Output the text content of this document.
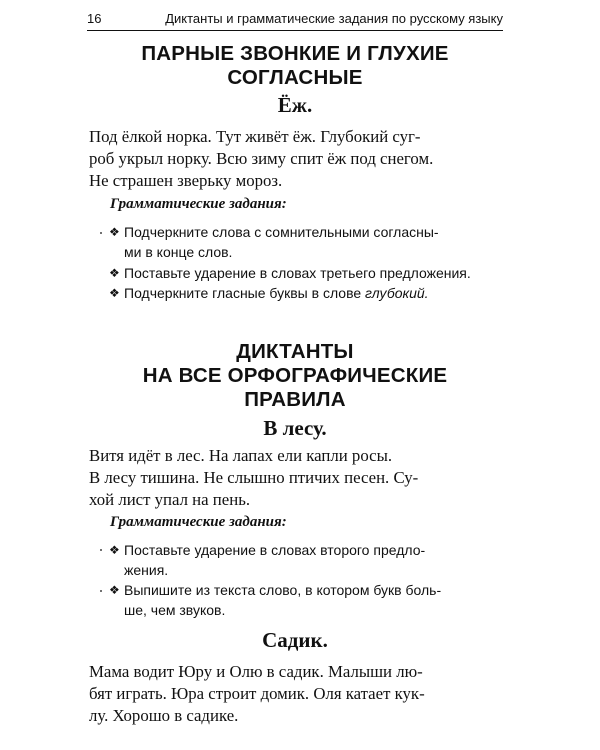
16	Диктанты и грамматические задания по русскому языку
ПАРНЫЕ ЗВОНКИЕ И ГЛУХИЕ
СОГЛАСНЫЕ
Ёж.
Под ёлкой норка. Тут живёт ёж. Глубокий суг-
роб укрыл норку. Всю зиму спит ёж под снегом.
Не страшен зверьку мороз.
Грамматические задания:
❖ Подчеркните слова с сомнительными согласны-
ми в конце слов.
❖ Поставьте ударение в словах третьего предложения.
❖ Подчеркните гласные буквы в слове глубокий.
ДИКТАНТЫ
НА ВСЕ ОРФОГРАФИЧЕСКИЕ
ПРАВИЛА
В лесу.
Витя идёт в лес. На лапах ели капли росы.
В лесу тишина. Не слышно птичих песен. Су-
хой лист упал на пень.
Грамматические задания:
❖ Поставьте ударение в словах второго предло-
жения.
❖ Выпишите из текста слово, в котором букв боль-
ше, чем звуков.
Садик.
Мама водит Юру и Олю в садик. Малыши лю-
бят играть. Юра строит домик. Оля катает кук-
лу. Хорошо в садике.
